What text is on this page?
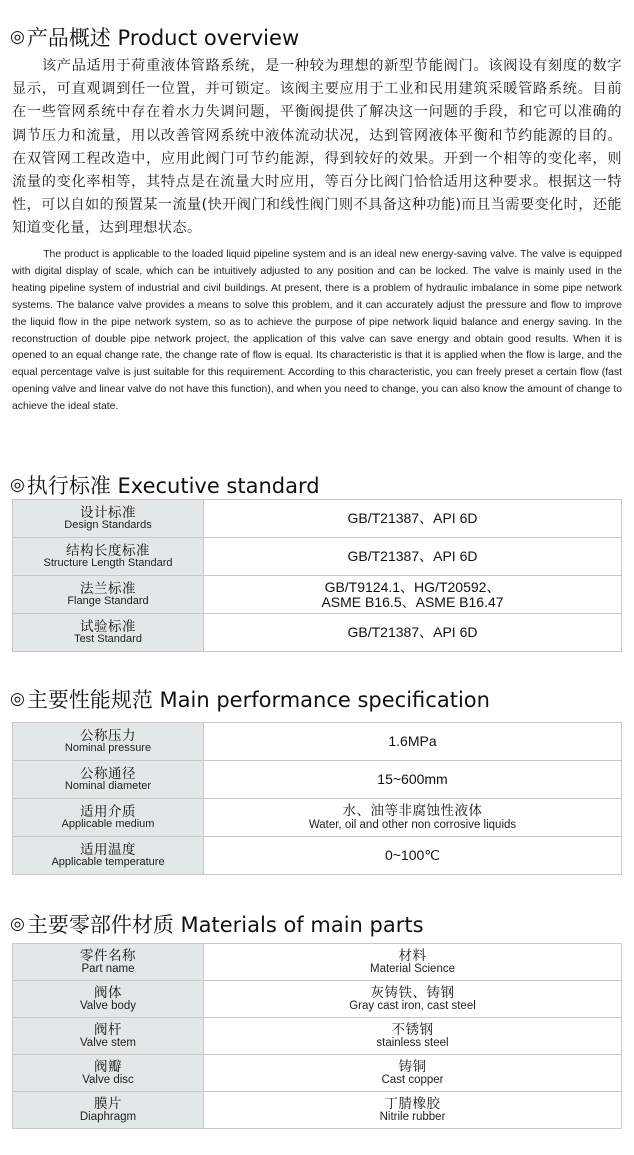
◎ 产品概述 Product overview
该产品适用于荷重液体管路系统，是一种较为理想的新型节能阀门。该阀设有刻度的数字显示，可直观调到任一位置，并可锁定。该阀主要应用于工业和民用建筑采暖管路系统。目前在一些管网系统中存在着水力失调问题，平衡阀提供了解决这一问题的手段，和它可以准确的调节压力和流量，用以改善管网系统中液体流动状况，达到管网液体平衡和节约能源的目的。在双管网工程改造中，应用此阀门可节约能源，得到较好的效果。开到一个相等的变化率，则流量的变化率相等，其特点是在流量大时应用，等百分比阀门恰恰适用这种要求。根据这一特性，可以自如的预置某一流量(快开阀门和线性阀门则不具备这种功能)而且当需要变化时，还能知道变化量，达到理想状态。
The product is applicable to the loaded liquid pipeline system and is an ideal new energy-saving valve. The valve is equipped with digital display of scale, which can be intuitively adjusted to any position and can be locked. The valve is mainly used in the heating pipeline system of industrial and civil buildings. At present, there is a problem of hydraulic imbalance in some pipe network systems. The balance valve provides a means to solve this problem, and it can accurately adjust the pressure and flow to improve the liquid flow in the pipe network system, so as to achieve the purpose of pipe network liquid balance and energy saving. In the reconstruction of double pipe network project, the application of this valve can save energy and obtain good results. When it is opened to an equal change rate, the change rate of flow is equal. Its characteristic is that it is applied when the flow is large, and the equal percentage valve is just suitable for this requirement. According to this characteristic, you can freely preset a certain flow (fast opening valve and linear valve do not have this function), and when you need to change, you can also know the amount of change to achieve the ideal state.
◎ 执行标准 Executive standard
设计标准
Design Standards	GB/T21387、API 6D

结构长度标准
Structure Length Standard	GB/T21387、API 6D

法兰标准
Flange Standard	GB/T9124.1、HG/T20592、
ASME B16.5、ASME B16.47

试验标准
Test Standard	GB/T21387、API 6D
◎ 主要性能规范 Main performance specification
公称压力
Nominal pressure	1.6MPa

公称通径
Nominal diameter	15~600mm

适用介质
Applicable medium	水、油等非腐蚀性液体
Water, oil and other non corrosive liquids

适用温度
Applicable temperature	0~100℃
◎ 主要零部件材质 Materials of main parts
零件名称
Part name	材料
Material Science

阀体
Valve body	灰铸铁、铸钢
Gray cast iron, cast steel

阀杆
Valve stem	不锈钢
stainless steel

阀瓣
Valve disc	铸铜
Cast copper

膜片
Diaphragm	丁腈橡胶
Nitrile rubber
